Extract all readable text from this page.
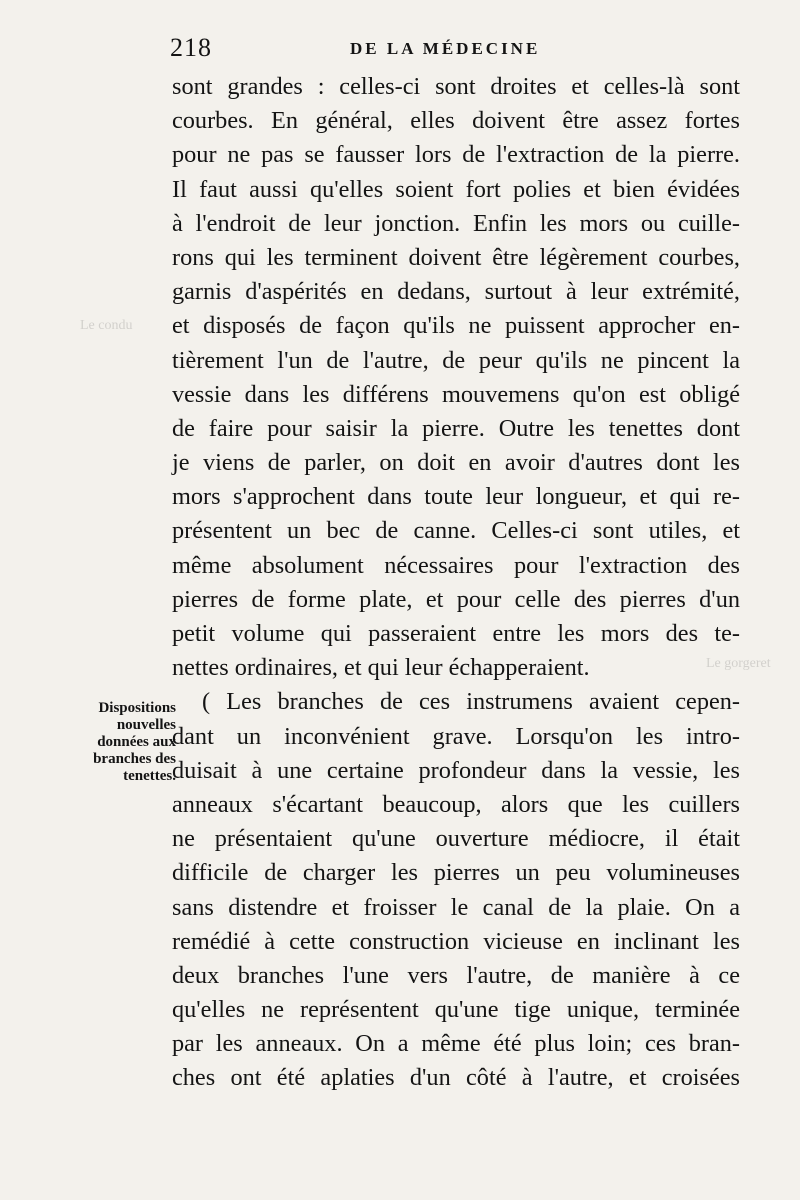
Le condu
Le gorgeret
218	DE LA MÉDECINE
sont grandes : celles-ci sont droites et celles-là sont
courbes. En général, elles doivent être assez fortes
pour ne pas se fausser lors de l'extraction de la pierre.
Il faut aussi qu'elles soient fort polies et bien évidées
à l'endroit de leur jonction. Enfin les mors ou cuille-
rons qui les terminent doivent être légèrement courbes,
garnis d'aspérités en dedans, surtout à leur extrémité,
et disposés de façon qu'ils ne puissent approcher en-
tièrement l'un de l'autre, de peur qu'ils ne pincent la
vessie dans les différens mouvemens qu'on est obligé
de faire pour saisir la pierre. Outre les tenettes dont
je viens de parler, on doit en avoir d'autres dont les
mors s'approchent dans toute leur longueur, et qui re-
présentent un bec de canne. Celles-ci sont utiles, et
même absolument nécessaires pour l'extraction des
pierres de forme plate, et pour celle des pierres d'un
petit volume qui passeraient entre les mors des te-
nettes ordinaires, et qui leur échapperaient.
( Les branches de ces instrumens avaient cepen-
dant un inconvénient grave. Lorsqu'on les intro-
duisait à une certaine profondeur dans la vessie, les
anneaux s'écartant beaucoup, alors que les cuillers
ne présentaient qu'une ouverture médiocre, il était
difficile de charger les pierres un peu volumineuses
sans distendre et froisser le canal de la plaie. On a
remédié à cette construction vicieuse en inclinant les
deux branches l'une vers l'autre, de manière à ce
qu'elles ne représentent qu'une tige unique, terminée
par les anneaux. On a même été plus loin; ces bran-
ches ont été aplaties d'un côté à l'autre, et croisées
Dispositions
nouvelles
données aux
branches des
tenettes.
